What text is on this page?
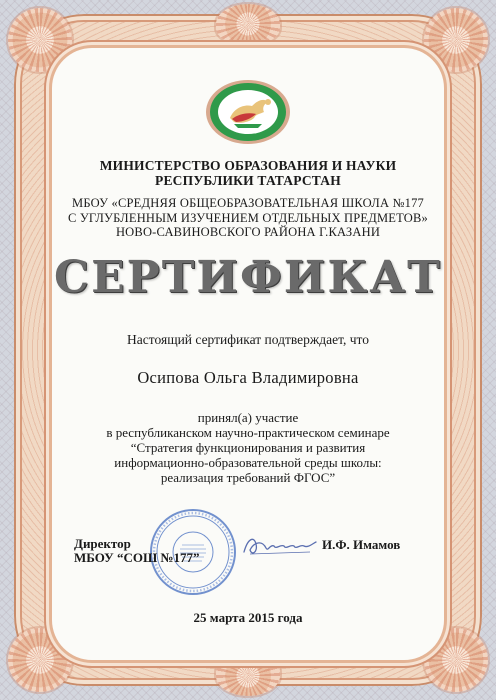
МИНИСТЕРСТВО ОБРАЗОВАНИЯ И НАУКИ
РЕСПУБЛИКИ ТАТАРСТАН
МБОУ «СРЕДНЯЯ ОБЩЕОБРАЗОВАТЕЛЬНАЯ ШКОЛА №177
С УГЛУБЛЕННЫМ ИЗУЧЕНИЕМ ОТДЕЛЬНЫХ ПРЕДМЕТОВ»
НОВО-САВИНОВСКОГО РАЙОНА Г.КАЗАНИ
СЕРТИФИКАТ
Настоящий сертификат подтверждает, что
Осипова Ольга Владимировна
принял(а) участие
в республиканском научно-практическом семинаре
“Стратегия функционирования и развития
информационно-образовательной среды школы:
реализация требований ФГОС”
Директор
МБОУ “СОШ №177”
И.Ф. Имамов
25 марта 2015 года
